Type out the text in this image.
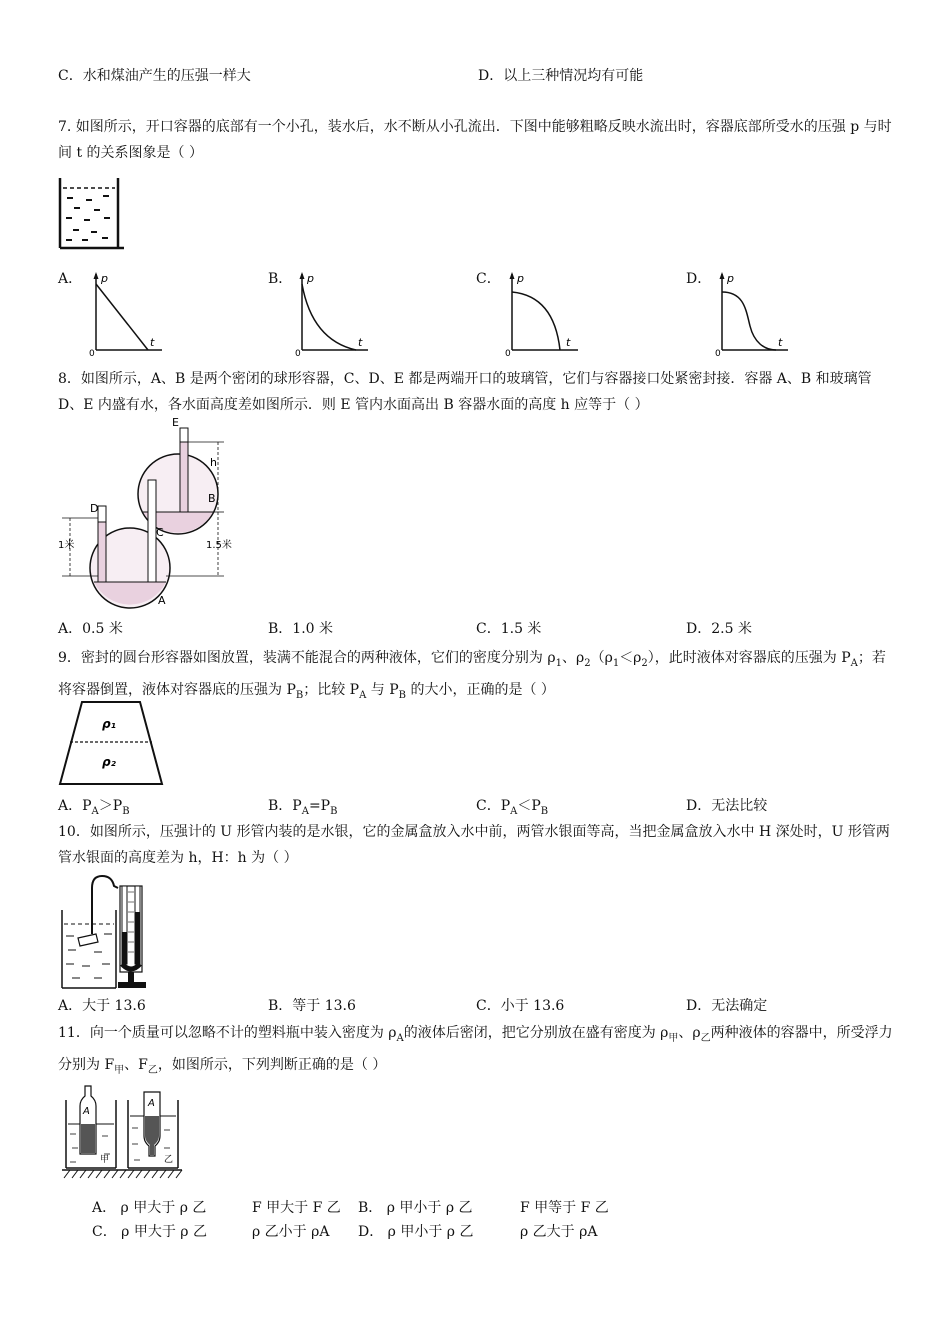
C．水和煤油产生的压强一样大	D．以上三种情况均有可能
7. 如图所示，开口容器的底部有一个小孔，装水后，水不断从小孔流出．下图中能够粗略反映水流出时，容器底部所受水的压强 p 与时间 t 的关系图象是（ ）
A．	B．	C．	D．
p
t
0
p
t
0
p
t
0
p
t
0
8．如图所示，A、B 是两个密闭的球形容器，C、D、E 都是两端开口的玻璃管，它们与容器接口处紧密封接．容器 A、B 和玻璃管 D、E 内盛有水，各水面高度差如图所示．则 E 管内水面高出 B 容器水面的高度 h 应等于（ ）
E
h
B
D
C
A
1米	1.5米
A．0.5 米	B．1.0 米	C．1.5 米	D．2.5 米
9．密封的圆台形容器如图放置，装满不能混合的两种液体，它们的密度分别为 $\rho_1$、$\rho_2(\rho_1<\rho_2)$，此时液体对容器底的压强为 $P_A$；若将容器倒置，液体对容器底的压强为 $P_B$；比较 $P_A$ 与 $P_B$ 的大小，正确的是（ ）
ρ₁
ρ₂
A．$P_A>P_B$	B．$P_A=P_B$	C．$P_A<P_B$	D．无法比较
10．如图所示，压强计的 U 形管内装的是水银，它的金属盒放入水中前，两管水银面等高，当把金属盒放入水中 H 深处时，U 形管两管水银面的高度差为 h，H：h 为（ ）
A．大于 13.6	B．等于 13.6	C．小于 13.6	D．无法确定
11．向一个质量可以忽略不计的塑料瓶中装入密度为 $\rho_A$的液体后密闭，把它分别放在盛有密度为 $\rho_甲$、$\rho_乙$两种液体的容器中，所受浮力分别为 $F_甲$、$F_乙$，如图所示，下列判断正确的是（ ）
A
甲
A
乙
A． ρ 甲大于 ρ 乙	F 甲大于 F 乙 B． ρ 甲小于 ρ 乙	F 甲等于 F 乙
C． ρ 甲大于 ρ 乙	ρ 乙小于 ρA D． ρ 甲小于 ρ 乙	ρ 乙大于 ρA
